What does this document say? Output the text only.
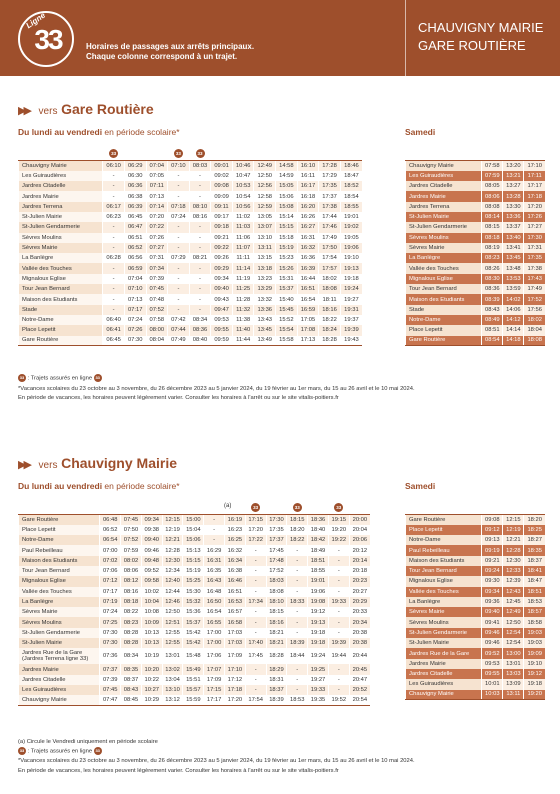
Ligne
33	Horaires de passages aux arrêts principaux.
Chaque colonne correspond à un trajet.
CHAUVIGNY MAIRIE
GARE ROUTIÈRE
▶▶ vers Gare Routière
Du lundi au vendredi en période scolaire*	Samedi
33	33	33
Chauvigny Mairie	06:10	06:29	07:04	07:10	08:03	09:01	10:46	12:49	14:58	16:10	17:28	18:46
Les Guiraudières	-	06:30	07:05	-	-	09:02	10:47	12:50	14:59	16:11	17:29	18:47
Jardres Citadelle	-	06:36	07:11	-	-	09:08	10:53	12:56	15:05	16:17	17:35	18:52
Jardres Mairie	-	06:38	07:13	-	-	09:09	10:54	12:58	15:06	16:18	17:37	18:54
Jardres Terrena	06:17	06:39	07:14	07:18	08:10	09:11	10:56	12:59	15:08	16:20	17:38	18:55
St-Julien Mairie	06:23	06:45	07:20	07:24	08:16	09:17	11:02	13:05	15:14	16:26	17:44	19:01
St-Julien Gendarmerie	-	06:47	07:22	-	-	09:18	11:03	13:07	15:15	16:27	17:46	19:02
Sèvres Moulins	-	06:51	07:26	-	-	09:21	11:06	13:10	15:18	16:31	17:49	19:05
Sèvres Mairie	-	06:52	07:27	-	-	09:22	11:07	13:11	15:19	16:32	17:50	19:06
La Banlègre	06:28	06:56	07:31	07:29	08:21	09:26	11:11	13:15	15:23	16:36	17:54	19:10
Vallée des Touches	-	06:59	07:34	-	-	09:29	11:14	13:18	15:26	16:39	17:57	19:13
Mignaloux Eglise	-	07:04	07:39	-	-	09:34	11:19	13:23	15:31	16:44	18:02	19:18
Tour Jean Bernard	-	07:10	07:45	-	-	09:40	11:25	13:29	15:37	16:51	18:08	19:24
Maison des Etudiants	-	07:13	07:48	-	-	09:43	11:28	13:32	15:40	16:54	18:11	19:27
Stade	-	07:17	07:52	-	-	09:47	11:32	13:36	15:45	16:59	18:16	19:31
Notre-Dame	06:40	07:24	07:58	07:42	08:34	09:53	11:38	13:43	15:52	17:05	18:22	19:37
Place Lepetit	06:41	07:26	08:00	07:44	08:36	09:55	11:40	13:45	15:54	17:08	18:24	19:39
Gare Routière	06:45	07:30	08:04	07:49	08:40	09:59	11:44	13:49	15:58	17:13	18:28	19:43
Chauvigny Mairie	07:58	13:20	17:10
Les Guiraudières	07:59	13:21	17:11
Jardres Citadelle	08:05	13:27	17:17
Jardres Mairie	08:06	13:28	17:18
Jardres Terrena	08:08	13:30	17:20
St-Julien Mairie	08:14	13:36	17:26
St-Julien Gendarmerie	08:15	13:37	17:27
Sèvres Moulins	08:18	13:40	17:30
Sèvres Mairie	08:19	13:41	17:31
La Banlègre	08:23	13:45	17:35
Vallée des Touches	08:26	13:48	17:38
Mignaloux Eglise	08:30	13:53	17:43
Tour Jean Bernard	08:36	13:59	17:49
Maison des Etudiants	08:39	14:02	17:52
Stade	08:43	14:06	17:56
Notre-Dame	08:49	14:12	18:02
Place Lepetit	08:51	14:14	18:04
Gare Routière	08:54	14:18	18:08
33 : Trajets assurés en ligne 33
*Vacances scolaires du 23 octobre au 3 novembre, du 26 décembre 2023 au 5 janvier 2024, du 19 février au 1er mars, du 15 au 26 avril et le 10 mai 2024.
En période de vacances, les horaires peuvent légèrement varier. Consulter les horaires à l'arrêt ou sur le site vitalis-poitiers.fr
▶▶ vers Chauvigny Mairie
Du lundi au vendredi en période scolaire*	Samedi
(a)	33	33	33
Gare Routière	06:48	07:45	09:34	12:15	15:00	-	16:19	17:15	17:30	18:15	18:36	19:15	20:00
Place Lepetit	06:52	07:50	09:38	12:19	15:04	-	16:23	17:20	17:35	18:20	18:40	19:20	20:04
Notre-Dame	06:54	07:52	09:40	12:21	15:06	-	16:25	17:22	17:37	18:22	18:42	19:22	20:06
Paul Rebeilleau	07:00	07:59	09:46	12:28	15:13	16:29	16:32	-	17:45	-	18:49	-	20:12
Maison des Etudiants	07:02	08:02	09:48	12:30	15:15	16:31	16:34	-	17:48	-	18:51	-	20:14
Tour Jean Bernard	07:06	08:06	09:52	12:34	15:19	16:35	16:38	-	17:52	-	18:55	-	20:18
Mignaloux Eglise	07:12	08:12	09:58	12:40	15:25	16:43	16:46	-	18:03	-	19:01	-	20:23
Vallée des Touches	07:17	08:16	10:02	12:44	15:30	16:48	16:51	-	18:08	-	19:06	-	20:27
La Banlègre	07:19	08:18	10:04	12:46	15:32	16:50	16:53	17:34	18:10	18:33	19:08	19:33	20:29
Sèvres Mairie	07:24	08:22	10:08	12:50	15:36	16:54	16:57	-	18:15	-	19:12	-	20:33
Sèvres Moulins	07:25	08:23	10:09	12:51	15:37	16:55	16:58	-	18:16	-	19:13	-	20:34
St-Julien Gendarmerie	07:30	08:28	10:13	12:55	15:42	17:00	17:03	-	18:21	-	19:18	-	20:38
St-Julien Mairie	07:30	08:28	10:13	12:55	15:42	17:00	17:03	17:40	18:21	18:39	19:18	19:39	20:38
Jardres Rue de la Gare
(Jardres Terrena ligne 33)	07:36	08:34	10:19	13:01	15:48	17:06	17:09	17:45	18:28	18:44	19:24	19:44	20:44
Jardres Mairie	07:37	08:35	10:20	13:02	15:49	17:07	17:10	-	18:29	-	19:25	-	20:45
Jardres Citadelle	07:39	08:37	10:22	13:04	15:51	17:09	17:12	-	18:31	-	19:27	-	20:47
Les Guiraudières	07:45	08:43	10:27	13:10	15:57	17:15	17:18	-	18:37	-	19:33	-	20:52
Chauvigny Mairie	07:47	08:45	10:29	13:12	15:59	17:17	17:20	17:54	18:39	18:53	19:35	19:52	20:54
Gare Routière	09:08	12:15	18:20
Place Lepetit	09:12	12:19	18:25
Notre-Dame	09:13	12:21	18:27
Paul Rebeilleau	09:19	12:28	18:35
Maison des Etudiants	09:21	12:30	18:37
Tour Jean Bernard	09:24	12:33	18:41
Mignaloux Eglise	09:30	12:39	18:47
Vallée des Touches	09:34	12:43	18:51
La Banlègre	09:36	12:45	18:53
Sèvres Mairie	09:40	12:49	18:57
Sèvres Moulins	09:41	12:50	18:58
St-Julien Gendarmerie	09:46	12:54	19:03
St-Julien Mairie	09:46	12:54	19:03
Jardres Rue de la Gare	09:52	13:00	19:09
Jardres Mairie	09:53	13:01	19:10
Jardres Citadelle	09:55	13:03	19:12
Les Guiraudières	10:01	13:09	19:18
Chauvigny Mairie	10:03	13:11	19:20
(a) Circule le Vendredi uniquement en période scolaire
33 : Trajets assurés en ligne 33
*Vacances scolaires du 23 octobre au 3 novembre, du 26 décembre 2023 au 5 janvier 2024, du 19 février au 1er mars, du 15 au 26 avril et le 10 mai 2024.
En période de vacances, les horaires peuvent légèrement varier. Consulter les horaires à l'arrêt ou sur le site vitalis-poitiers.fr
